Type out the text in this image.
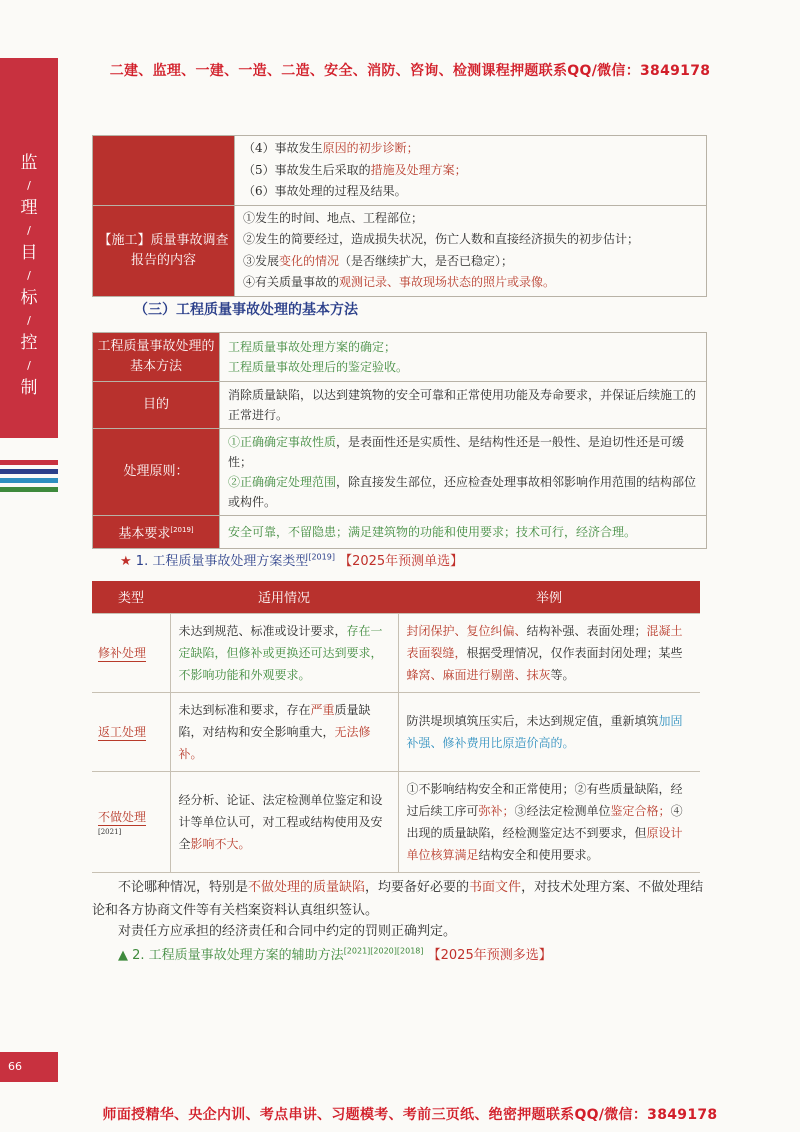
二建、监理、一建、一造、二造、安全、消防、咨询、检测课程押题联系QQ/微信：3849178
监
/
理
/
目
/
标
/
控
/
制

	（4）事故发生原因的初步诊断；
（5）事故发生后采取的措施及处理方案；
（6）事故处理的过程及结果。

【施工】质量事故调查报告的内容	①发生的时间、地点、工程部位；
②发生的简要经过，造成损失状况，伤亡人数和直接经济损失的初步估计；
③发展变化的情况（是否继续扩大，是否已稳定）；
④有关质量事故的观测记录、事故现场状态的照片或录像。
（三）工程质量事故处理的基本方法
工程质量事故处理的基本方法	工程质量事故处理方案的确定；
工程质量事故处理后的鉴定验收。

目的	消除质量缺陷，以达到建筑物的安全可靠和正常使用功能及寿命要求，并保证后续施工的正常进行。

处理原则：	①正确确定事故性质，是表面性还是实质性、是结构性还是一般性、是迫切性还是可缓性；
②正确确定处理范围，除直接发生部位，还应检查处理事故相邻影响作用范围的结构部位或构件。

基本要求[2019]	安全可靠，不留隐患；满足建筑物的功能和使用要求；技术可行，经济合理。
★ 1. 工程质量事故处理方案类型[2019] 【2025年预测单选】
类型	适用情况	举例
修补处理	未达到规范、标准或设计要求，存在一定缺陷，但修补或更换还可达到要求，不影响功能和外观要求。	封闭保护、复位纠偏、结构补强、表面处理；混凝土表面裂缝，根据受理情况，仅作表面封闭处理；某些蜂窝、麻面进行剔凿、抹灰等。
返工处理	未达到标准和要求，存在严重质量缺陷，对结构和安全影响重大，无法修补。	防洪堤坝填筑压实后，未达到规定值，重新填筑加固补强、修补费用比原造价高的。
不做处理
[2021]	经分析、论证、法定检测单位鉴定和设计等单位认可，对工程或结构使用及安全影响不大。	①不影响结构安全和正常使用；②有些质量缺陷，经过后续工序可弥补；③经法定检测单位鉴定合格；④出现的质量缺陷，经检测鉴定达不到要求，但原设计单位核算满足结构安全和使用要求。
不论哪种情况，特别是不做处理的质量缺陷，均要备好必要的书面文件，对技术处理方案、不做处理结论和各方协商文件等有关档案资料认真组织签认。
对责任方应承担的经济责任和合同中约定的罚则正确判定。
▲ 2. 工程质量事故处理方案的辅助方法[2021][2020][2018] 【2025年预测多选】
66
师面授精华、央企内训、考点串讲、习题模考、考前三页纸、绝密押题联系QQ/微信：3849178
